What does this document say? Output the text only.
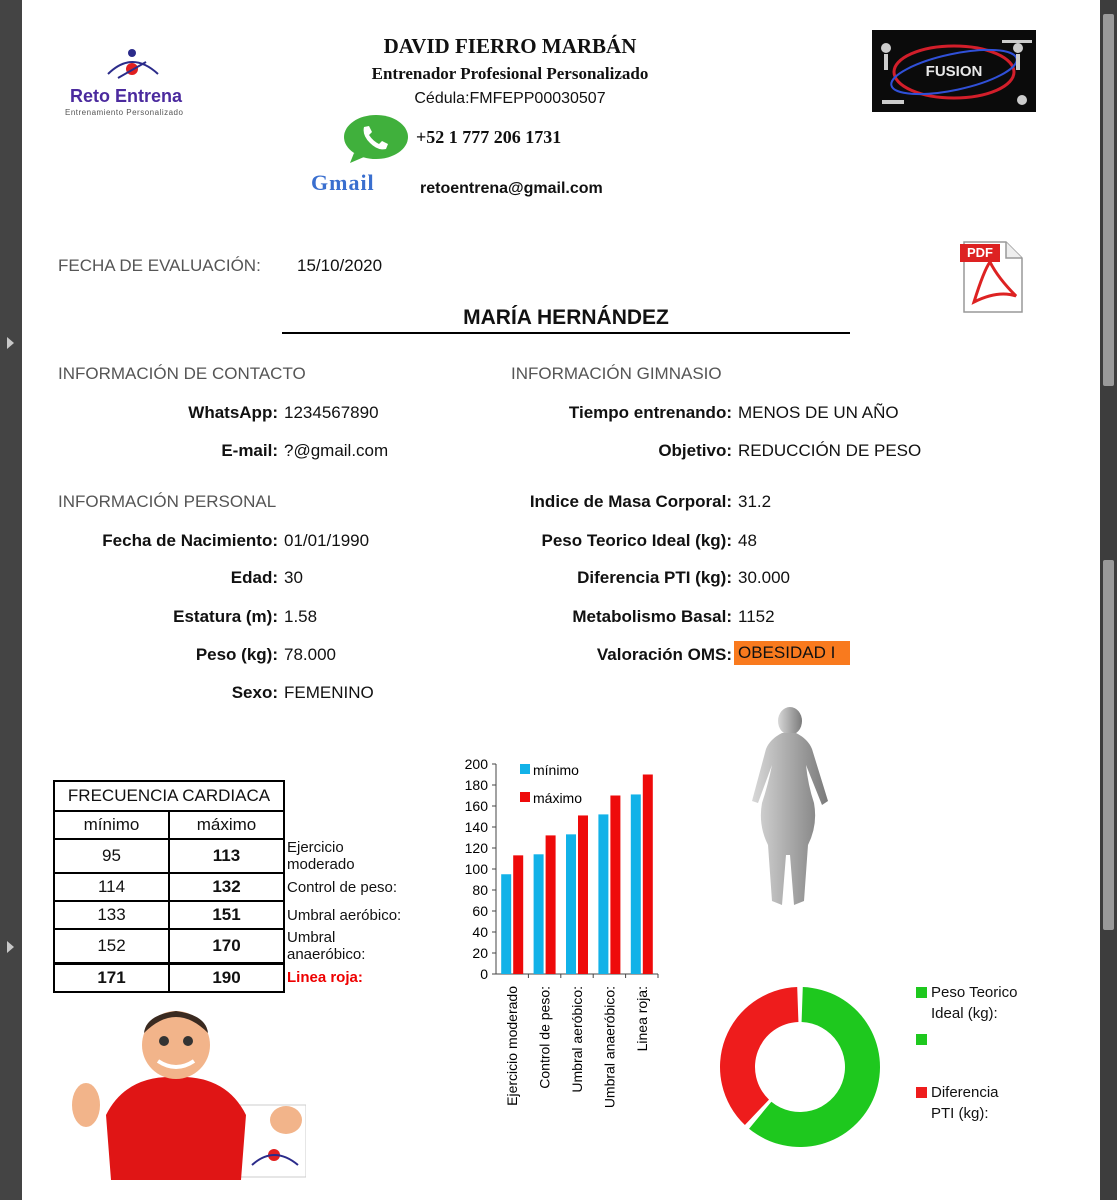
Reto Entrena
Entrenamiento Personalizado
DAVID FIERRO MARBÁN
Entrenador Profesional Personalizado
Cédula:FMFEPP00030507
+52 1 777 206 1731
Gmail	retoentrena@gmail.com
FUSION
FECHA DE EVALUACIÓN: 15/10/2020
PDF
MARÍA HERNÁNDEZ
INFORMACIÓN DE CONTACTO
WhatsApp: 1234567890
E-mail: ?@gmail.com
INFORMACIÓN PERSONAL
Fecha de Nacimiento: 01/01/1990
Edad: 30
Estatura (m): 1.58
Peso (kg): 78.000
Sexo: FEMENINO
INFORMACIÓN GIMNASIO
Tiempo entrenando: MENOS DE UN AÑO
Objetivo: REDUCCIÓN DE PESO
Indice de Masa Corporal: 31.2
Peso Teorico Ideal (kg): 48
Diferencia PTI (kg): 30.000
Metabolismo Basal: 1152
Valoración OMS: OBESIDAD I
FRECUENCIA CARDIACA		
mínimo	máximo	
95	113	Ejercicio moderado
114	132	Control de peso:
133	151	Umbral aeróbico:
152	170	Umbral anaeróbico:
171	190	Linea roja:	0
20
40
60
80
100
120
140
160
180
200
Ejercicio moderado Control de peso: Umbral aeróbico: Umbral anaeróbico: Linea roja:
mínimo
máximo
Peso Teorico Ideal (kg):
Diferencia PTI (kg):
